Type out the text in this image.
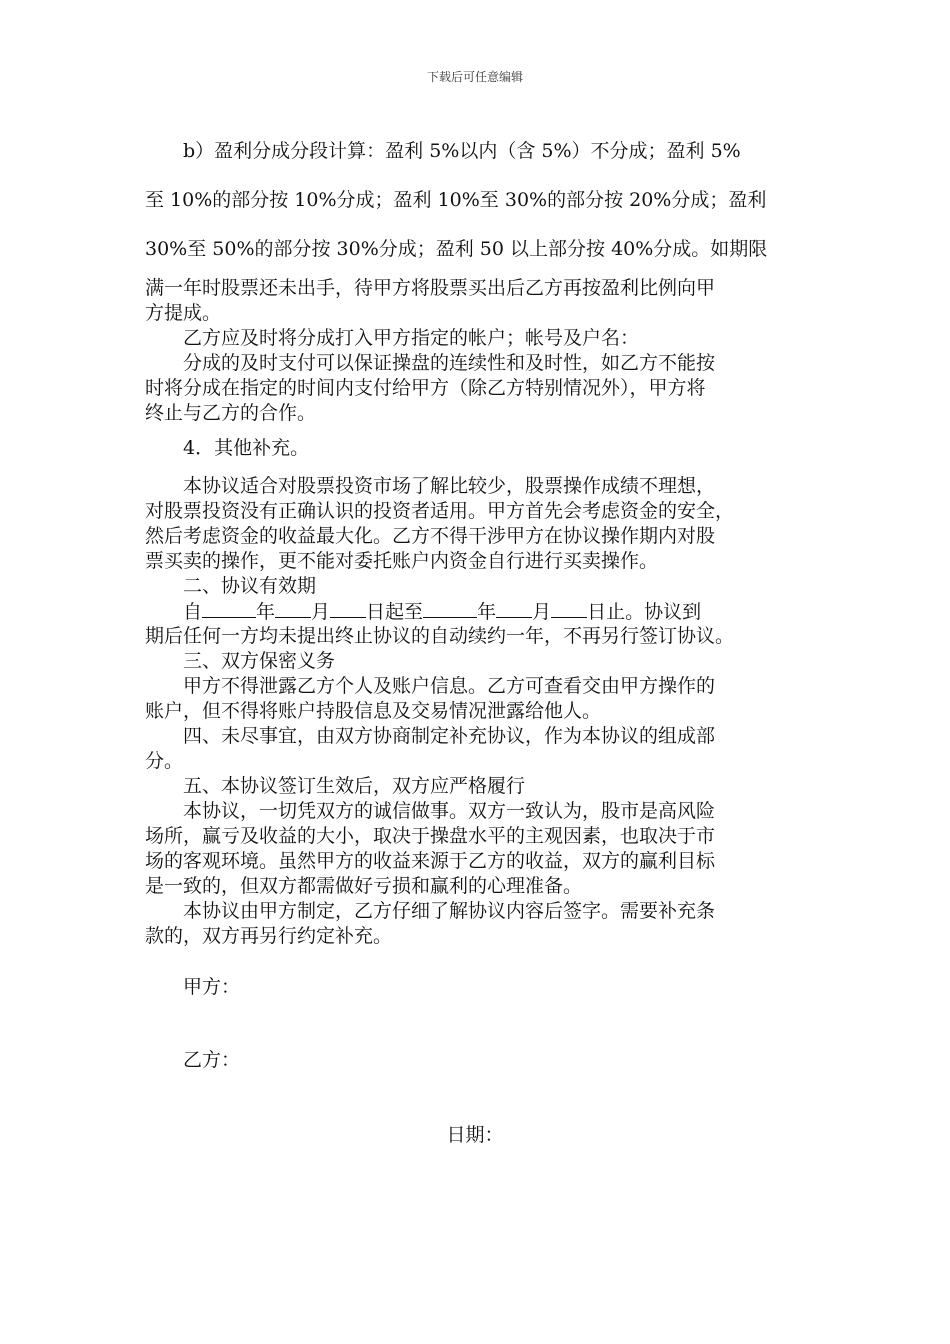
下载后可任意编辑
b）盈利分成分段计算：盈利 5%以内（含 5%）不分成；盈利 5%
至 10%的部分按 10%分成；盈利 10%至 30%的部分按 20%分成；盈利
30%至 50%的部分按 30%分成；盈利 50 以上部分按 40%分成。如期限
满一年时股票还未出手，待甲方将股票买出后乙方再按盈利比例向甲
方提成。
乙方应及时将分成打入甲方指定的帐户；帐号及户名：
分成的及时支付可以保证操盘的连续性和及时性，如乙方不能按
时将分成在指定的时间内支付给甲方（除乙方特别情况外），甲方将
终止与乙方的合作。
4．其他补充。
本协议适合对股票投资市场了解比较少，股票操作成绩不理想，
对股票投资没有正确认识的投资者适用。甲方首先会考虑资金的安全，
然后考虑资金的收益最大化。乙方不得干涉甲方在协议操作期内对股
票买卖的操作，更不能对委托账户内资金自行进行买卖操作。
二、协议有效期
自	年 月 日起至	年 月 日止。协议到
期后任何一方均未提出终止协议的自动续约一年，不再另行签订协议。
三、双方保密义务
甲方不得泄露乙方个人及账户信息。乙方可查看交由甲方操作的
账户，但不得将账户持股信息及交易情况泄露给他人。
四、未尽事宜，由双方协商制定补充协议，作为本协议的组成部
分。
五、本协议签订生效后，双方应严格履行
本协议，一切凭双方的诚信做事。双方一致认为，股市是高风险
场所，赢亏及收益的大小，取决于操盘水平的主观因素，也取决于市
场的客观环境。虽然甲方的收益来源于乙方的收益，双方的赢利目标
是一致的，但双方都需做好亏损和赢利的心理准备。
本协议由甲方制定，乙方仔细了解协议内容后签字。需要补充条
款的，双方再另行约定补充。
甲方：
乙方：
日期：
